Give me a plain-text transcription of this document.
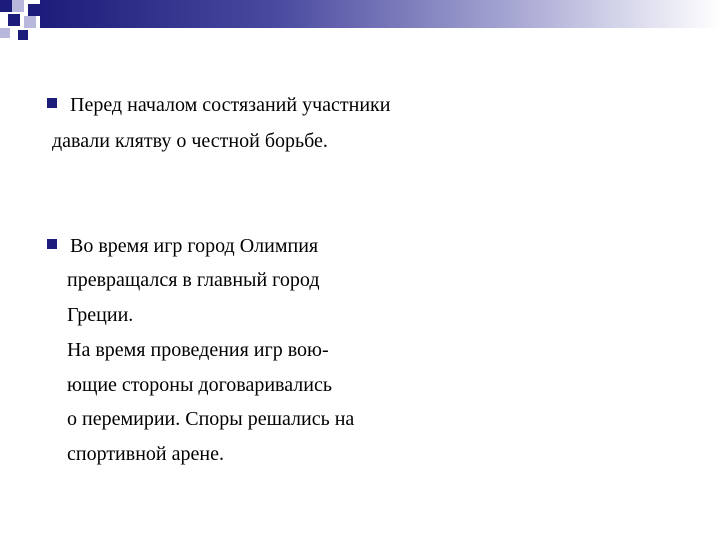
Перед началом состязаний участники
давали клятву о честной борьбе.
Во время игр город Олимпия
превращался в главный город
Греции.
На время проведения игр вою-
ющие стороны договаривались
о перемирии. Споры решались на
спортивной арене.
